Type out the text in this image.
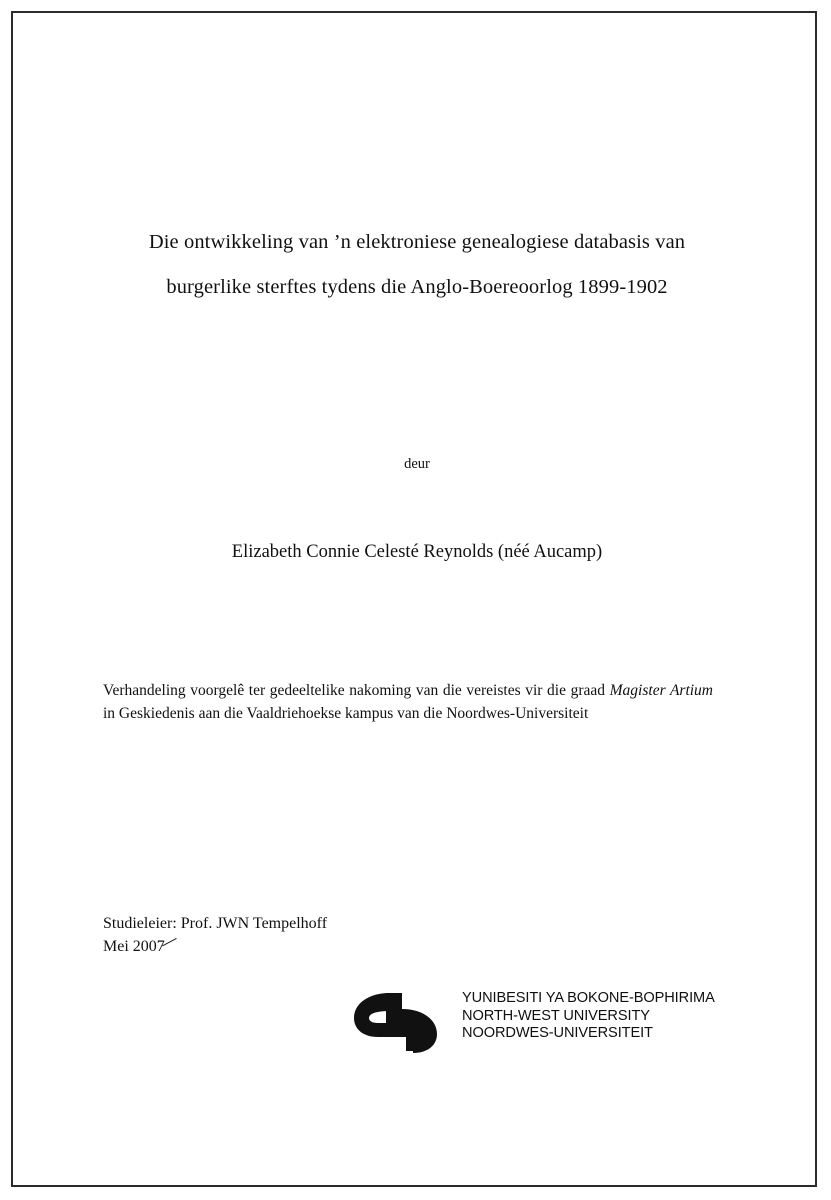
Die ontwikkeling van ’n elektroniese genealogiese databasis van
burgerlike sterftes tydens die Anglo-Boereoorlog 1899-1902
deur
Elizabeth Connie Celesté Reynolds (néé Aucamp)

Verhandeling voorgelê ter gedeeltelike nakoming van die vereistes vir die graad Magister Artium in Geskiedenis aan die Vaaldriehoekse kampus van die Noordwes-Universiteit

Studieleier: Prof. JWN Tempelhoff
Mei 2007
YUNIBESITI YA BOKONE-BOPHIRIMA
NORTH-WEST UNIVERSITY
NOORDWES-UNIVERSITEIT
